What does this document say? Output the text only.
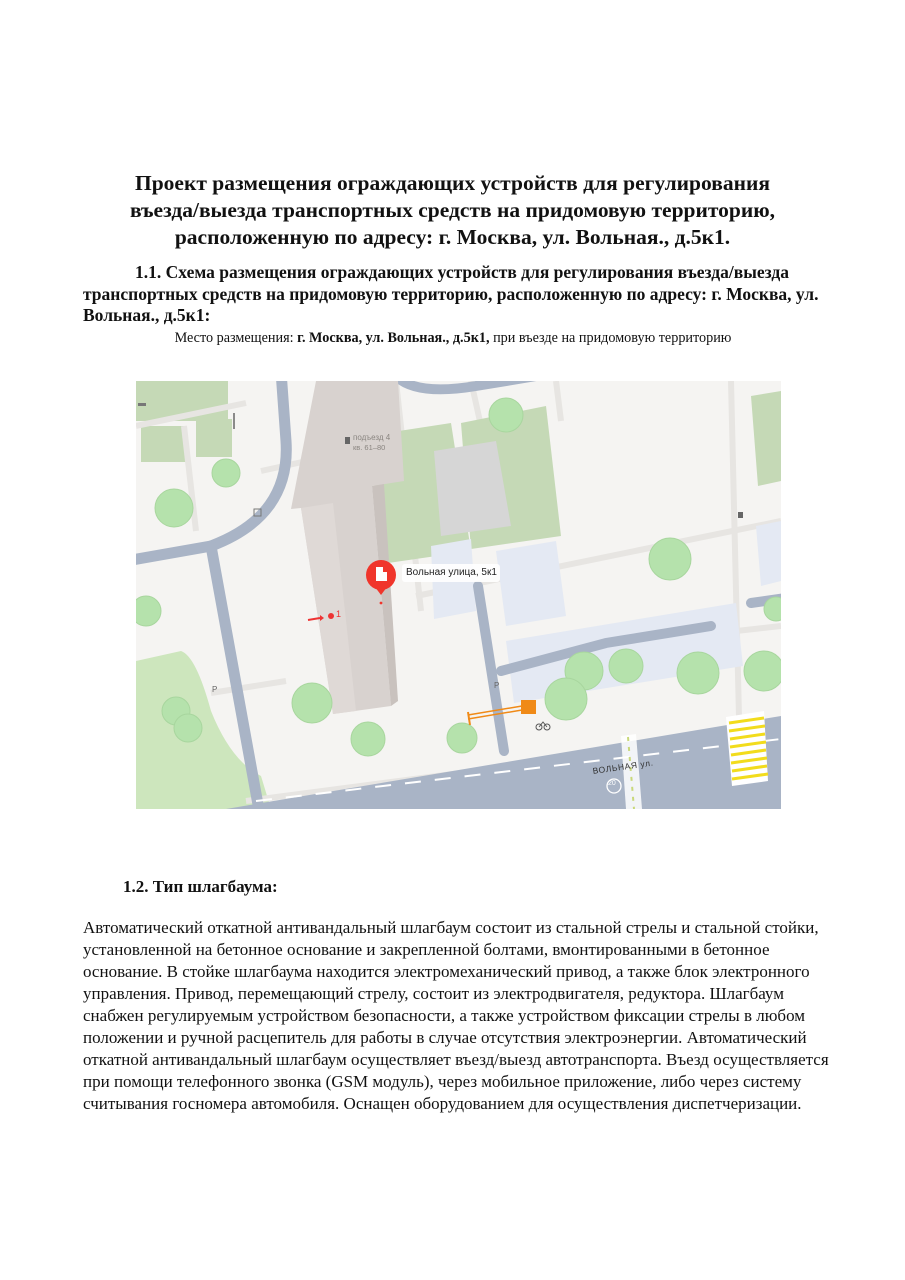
Проект размещения ограждающих устройств для регулирования въезда/выезда транспортных средств на придомовую территорию, расположенную по адресу: г. Москва, ул. Вольная., д.5к1.
1.1. Схема размещения ограждающих устройств для регулирования въезда/выезда транспортных средств на придомовую территорию, расположенную по адресу: г. Москва, ул. Вольная., д.5к1:
Место размещения: г. Москва, ул. Вольная., д.5к1, при въезде на придомовую территорию
Вольная улица, 5к1
подъезд 4
кв. 61–80
1
P	P
ВОЛЬНАЯ ул.
20
1.2. Тип шлагбаума:

Автоматический откатной антивандальный шлагбаум состоит из стальной стрелы и стальной стойки, установленной на бетонное основание и закрепленной болтами, вмонтированными в бетонное основание. В стойке шлагбаума находится электромеханический привод, а также блок электронного управления. Привод, перемещающий стрелу, состоит из электродвигателя, редуктора. Шлагбаум снабжен регулируемым устройством безопасности, а также устройством фиксации стрелы в любом положении и ручной расцепитель для работы в случае отсутствия электроэнергии. Автоматический откатной антивандальный шлагбаум осуществляет въезд/выезд автотранспорта. Въезд осуществляется при помощи телефонного звонка (GSM модуль), через мобильное приложение, либо через систему считывания госномера автомобиля. Оснащен оборудованием для осуществления диспетчеризации.
